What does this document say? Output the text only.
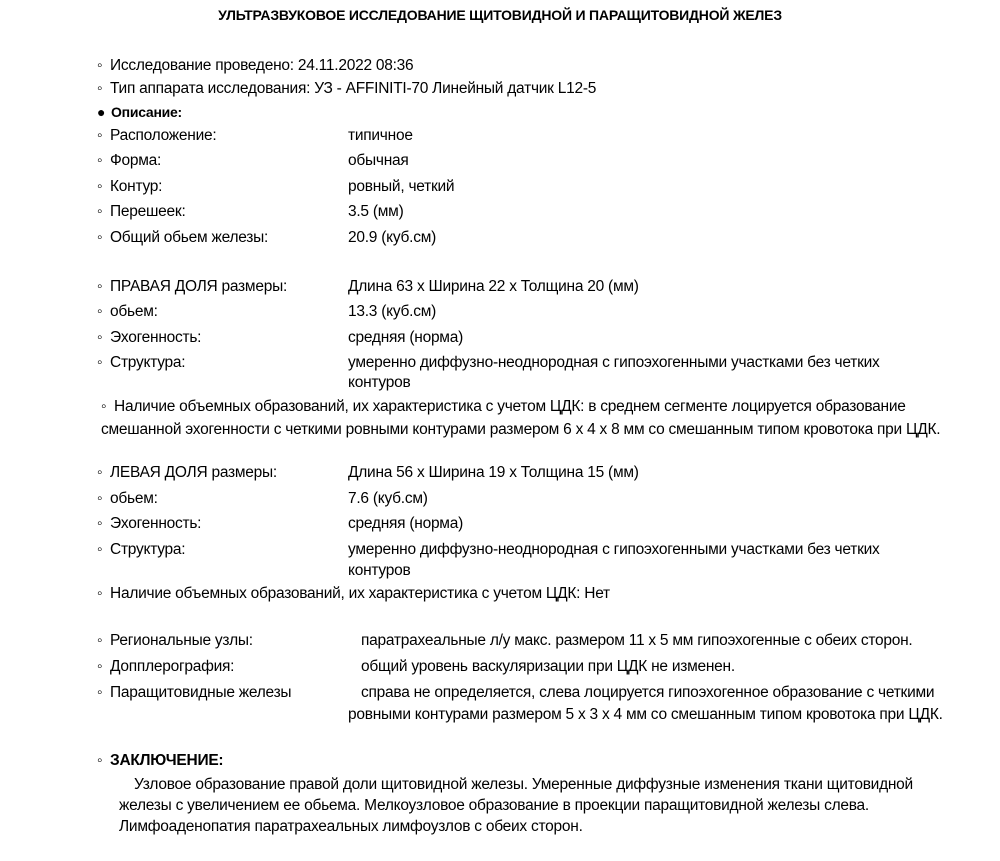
УЛЬТРАЗВУКОВОЕ ИССЛЕДОВАНИЕ ЩИТОВИДНОЙ И ПАРАЩИТОВИДНОЙ ЖЕЛЕЗ
◦ Исследование проведено: 24.11.2022 08:36
◦ Тип аппарата исследования: УЗ - AFFINITI-70 Линейный датчик L12-5
● Описание:
◦ Расположение:	типичное
◦ Форма:	обычная
◦ Контур:	ровный, четкий
◦ Перешеек:	3.5 (мм)
◦ Общий обьем железы:	20.9 (куб.см)
◦ ПРАВАЯ ДОЛЯ размеры:	Длина 63 х Ширина 22 х Толщина 20 (мм)
◦ обьем:	13.3 (куб.см)
◦ Эхогенность:	средняя (норма)
◦ Структура:	умеренно диффузно-неоднородная с гипоэхогенными участками без четких
контуров
◦ Наличие объемных образований, их характеристика с учетом ЦДК: в среднем сегменте лоцируется образование
смешанной эхогенности с четкими ровными контурами размером 6 х 4 х 8 мм со смешанным типом кровотока при ЦДК.
◦ ЛЕВАЯ ДОЛЯ размеры:	Длина 56 х Ширина 19 х Толщина 15 (мм)
◦ обьем:	7.6 (куб.см)
◦ Эхогенность:	средняя (норма)
◦ Структура:	умеренно диффузно-неоднородная с гипоэхогенными участками без четких
контуров
◦ Наличие объемных образований, их характеристика с учетом ЦДК: Нет
◦ Региональные узлы:	паратрахеальные л/у макс. размером 11 х 5 мм гипоэхогенные с обеих сторон.
◦ Допплерография:	общий уровень васкуляризации при ЦДК не изменен.
◦ Паращитовидные железы	справа не определяется, слева лоцируется гипоэхогенное образование с четкими
ровными контурами размером 5 х 3 х 4 мм со смешанным типом кровотока при ЦДК.
◦ ЗАКЛЮЧЕНИЕ:
Узловое образование правой доли щитовидной железы. Умеренные диффузные изменения ткани щитовидной
железы с увеличением ее обьема. Мелкоузловое образование в проекции паращитовидной железы слева.
Лимфоаденопатия паратрахеальных лимфоузлов с обеих сторон.
